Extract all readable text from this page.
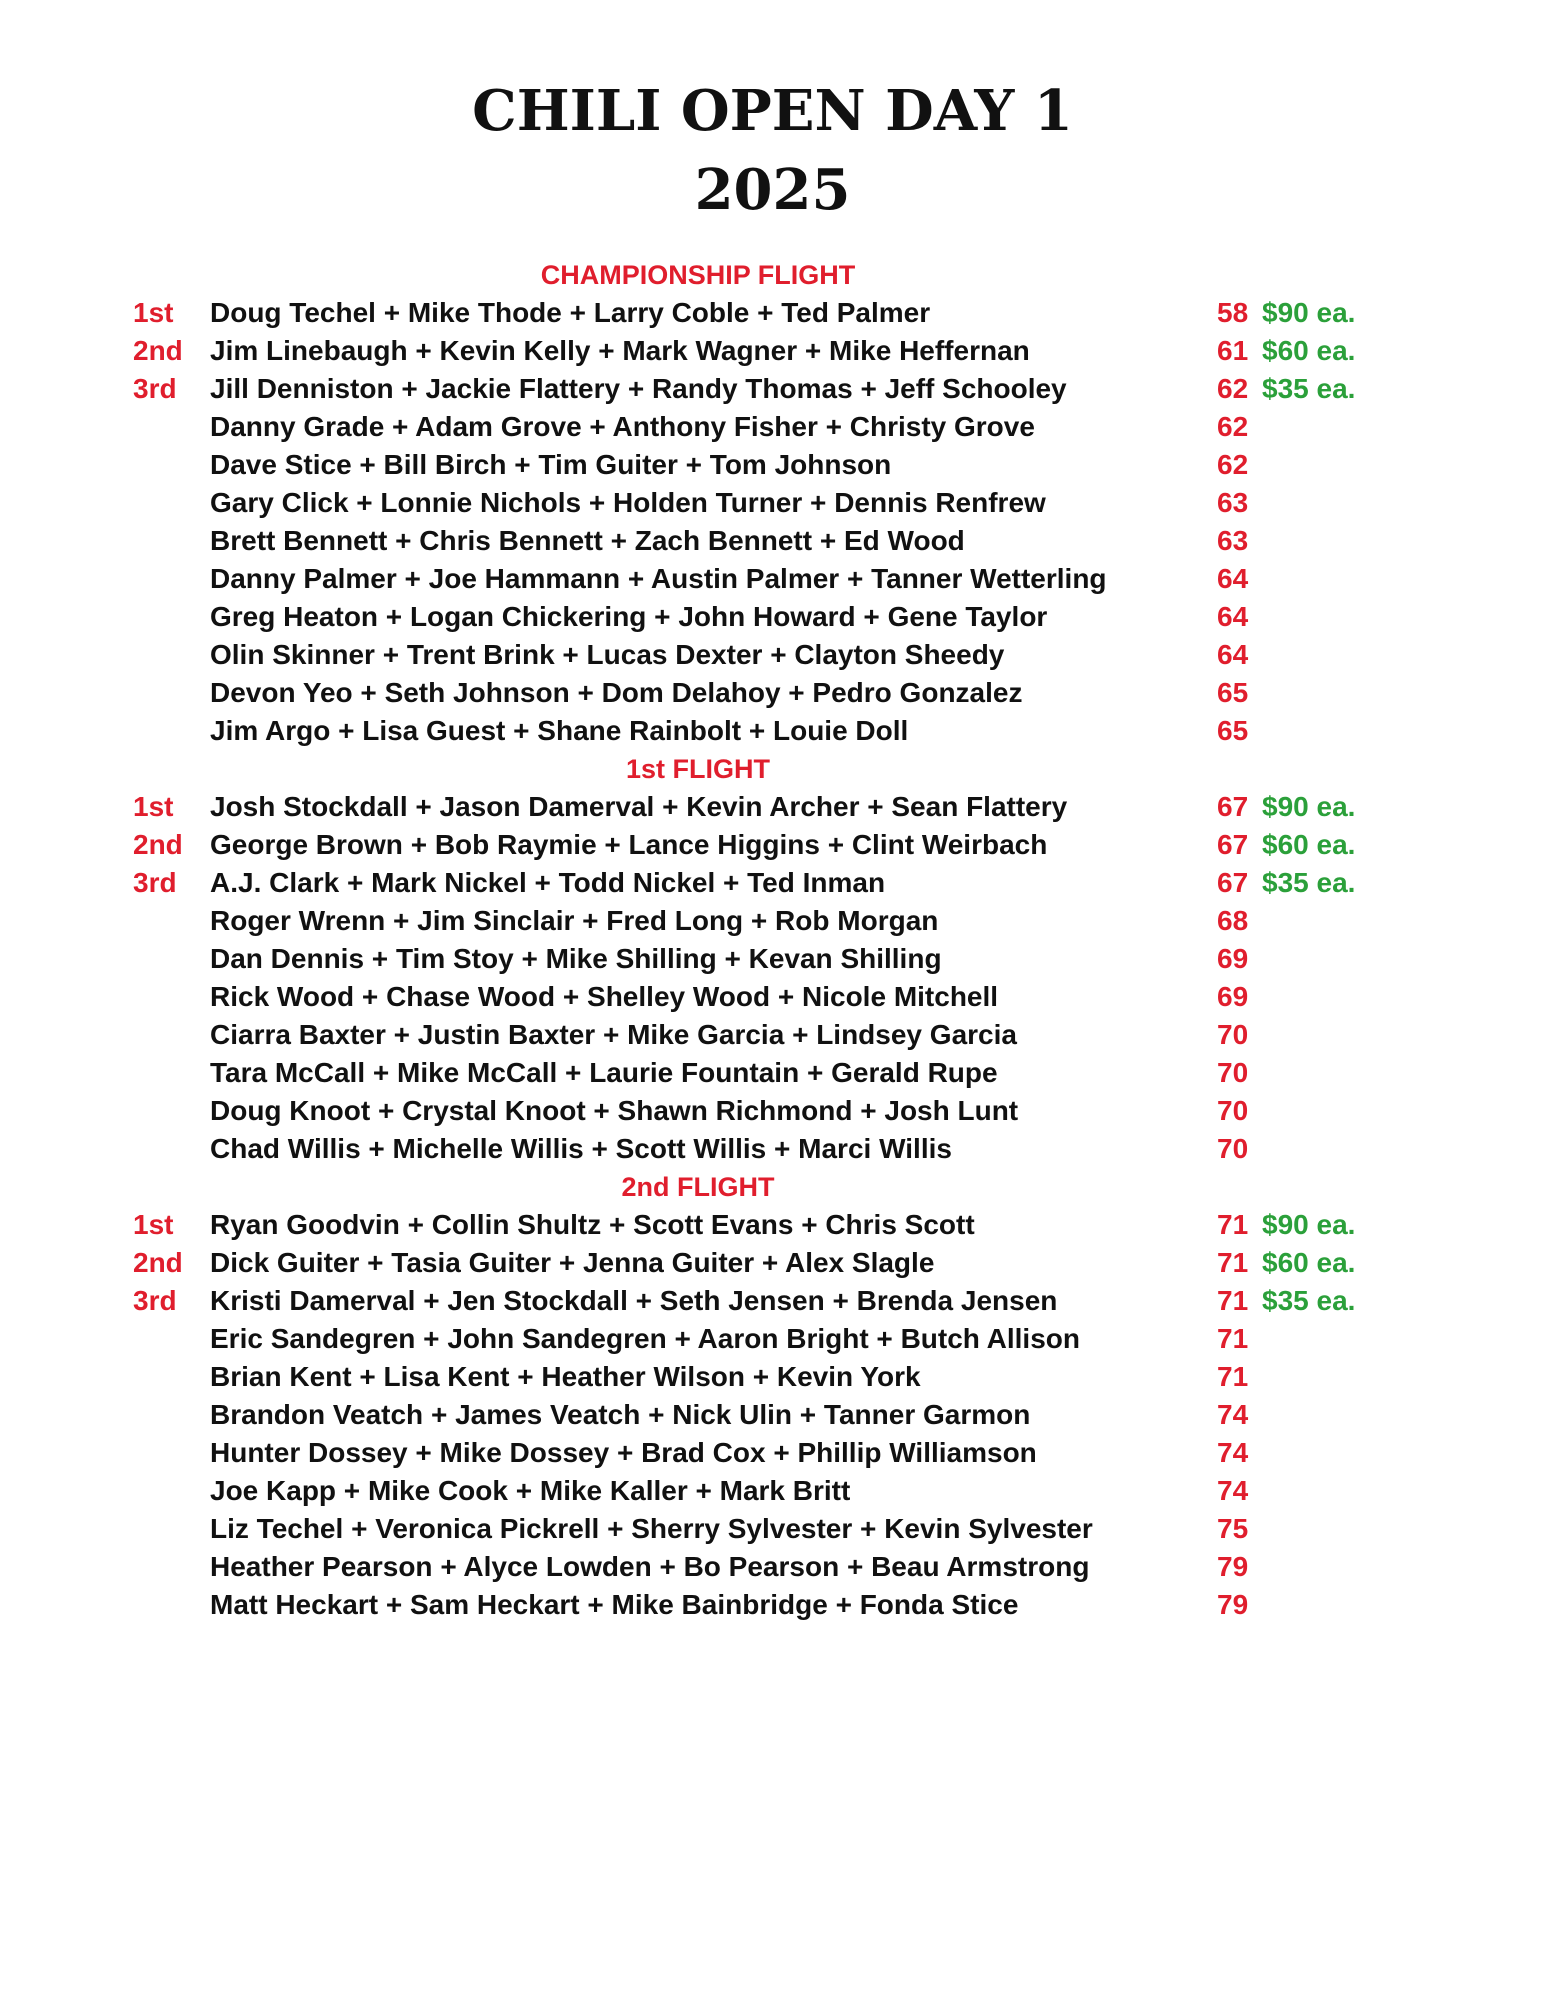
CHILI OPEN DAY 1
2025
CHAMPIONSHIP FLIGHT
1st Doug Techel + Mike Thode + Larry Coble + Ted Palmer	58 $90 ea.
2nd Jim Linebaugh + Kevin Kelly + Mark Wagner + Mike Heffernan	61 $60 ea.
3rd Jill Denniston + Jackie Flattery + Randy Thomas + Jeff Schooley	62 $35 ea.
Danny Grade + Adam Grove + Anthony Fisher + Christy Grove	62
Dave Stice + Bill Birch + Tim Guiter + Tom Johnson	62
Gary Click + Lonnie Nichols + Holden Turner + Dennis Renfrew	63
Brett Bennett + Chris Bennett + Zach Bennett + Ed Wood	63
Danny Palmer + Joe Hammann + Austin Palmer + Tanner Wetterling	64
Greg Heaton + Logan Chickering + John Howard + Gene Taylor	64
Olin Skinner + Trent Brink + Lucas Dexter + Clayton Sheedy	64
Devon Yeo + Seth Johnson + Dom Delahoy + Pedro Gonzalez	65
Jim Argo + Lisa Guest + Shane Rainbolt + Louie Doll	65
1st FLIGHT
1st Josh Stockdall + Jason Damerval + Kevin Archer + Sean Flattery	67 $90 ea.
2nd George Brown + Bob Raymie + Lance Higgins + Clint Weirbach	67 $60 ea.
3rd A.J. Clark + Mark Nickel + Todd Nickel + Ted Inman	67 $35 ea.
Roger Wrenn + Jim Sinclair + Fred Long + Rob Morgan	68
Dan Dennis + Tim Stoy + Mike Shilling + Kevan Shilling	69
Rick Wood + Chase Wood + Shelley Wood + Nicole Mitchell	69
Ciarra Baxter + Justin Baxter + Mike Garcia + Lindsey Garcia	70
Tara McCall + Mike McCall + Laurie Fountain + Gerald Rupe	70
Doug Knoot + Crystal Knoot + Shawn Richmond + Josh Lunt	70
Chad Willis + Michelle Willis + Scott Willis + Marci Willis	70
2nd FLIGHT
1st Ryan Goodvin + Collin Shultz + Scott Evans + Chris Scott	71 $90 ea.
2nd Dick Guiter + Tasia Guiter + Jenna Guiter + Alex Slagle	71 $60 ea.
3rd Kristi Damerval + Jen Stockdall + Seth Jensen + Brenda Jensen	71 $35 ea.
Eric Sandegren + John Sandegren + Aaron Bright + Butch Allison	71
Brian Kent + Lisa Kent + Heather Wilson + Kevin York	71
Brandon Veatch + James Veatch + Nick Ulin + Tanner Garmon	74
Hunter Dossey + Mike Dossey + Brad Cox + Phillip Williamson	74
Joe Kapp + Mike Cook + Mike Kaller + Mark Britt	74
Liz Techel + Veronica Pickrell + Sherry Sylvester + Kevin Sylvester	75
Heather Pearson + Alyce Lowden + Bo Pearson + Beau Armstrong	79
Matt Heckart + Sam Heckart + Mike Bainbridge + Fonda Stice	79
